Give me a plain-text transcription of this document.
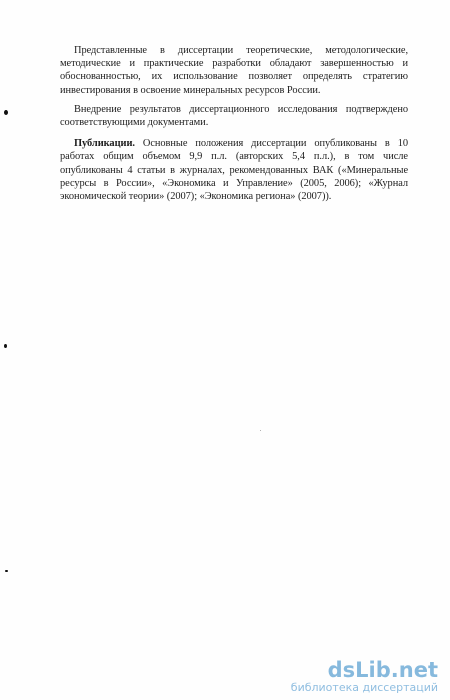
Представленные в диссертации теоретические, методологические, методические и практические разработки обладают завершенностью и обоснованностью, их использование позволяет определять стратегию инвестирования в освоение минеральных ресурсов России.

Внедрение результатов диссертационного исследования подтверждено соответствующими документами.

Публикации. Основные положения диссертации опубликованы в 10 работах общим объемом 9,9 п.л. (авторских 5,4 п.л.), в том числе опубликованы 4 статьи в журналах, рекомендованных ВАК («Минеральные ресурсы в России», «Экономика и Управление» (2005, 2006); «Журнал экономической теории» (2007); «Экономика региона» (2007)).

dsLib.net
библиотека диссертаций
